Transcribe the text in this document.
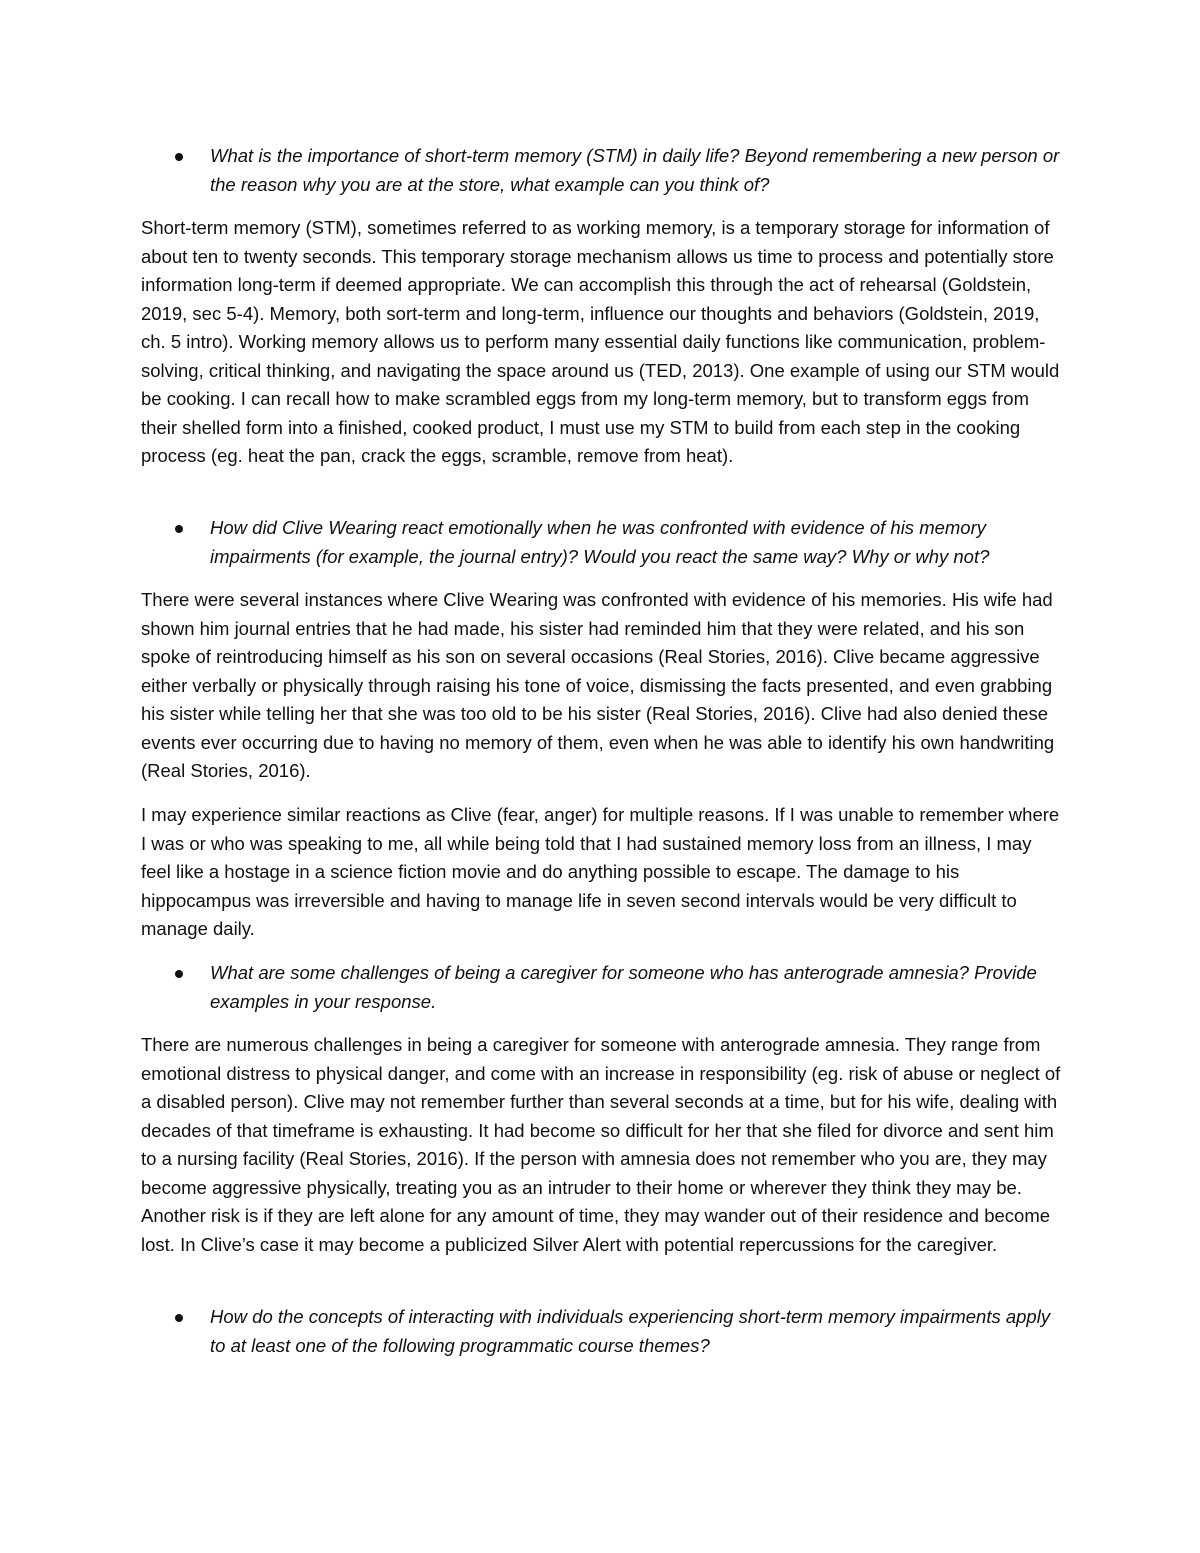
What is the importance of short-term memory (STM) in daily life? Beyond remembering a new person or the reason why you are at the store, what example can you think of?

Short-term memory (STM), sometimes referred to as working memory, is a temporary storage for information of about ten to twenty seconds. This temporary storage mechanism allows us time to process and potentially store information long-term if deemed appropriate. We can accomplish this through the act of rehearsal (Goldstein, 2019, sec 5-4). Memory, both sort-term and long-term, influence our thoughts and behaviors (Goldstein, 2019, ch. 5 intro). Working memory allows us to perform many essential daily functions like communication, problem-solving, critical thinking, and navigating the space around us (TED, 2013). One example of using our STM would be cooking. I can recall how to make scrambled eggs from my long-term memory, but to transform eggs from their shelled form into a finished, cooked product, I must use my STM to build from each step in the cooking process (eg. heat the pan, crack the eggs, scramble, remove from heat).

How did Clive Wearing react emotionally when he was confronted with evidence of his memory impairments (for example, the journal entry)? Would you react the same way? Why or why not?

There were several instances where Clive Wearing was confronted with evidence of his memories. His wife had shown him journal entries that he had made, his sister had reminded him that they were related, and his son spoke of reintroducing himself as his son on several occasions (Real Stories, 2016). Clive became aggressive either verbally or physically through raising his tone of voice, dismissing the facts presented, and even grabbing his sister while telling her that she was too old to be his sister (Real Stories, 2016). Clive had also denied these events ever occurring due to having no memory of them, even when he was able to identify his own handwriting (Real Stories, 2016).

I may experience similar reactions as Clive (fear, anger) for multiple reasons. If I was unable to remember where I was or who was speaking to me, all while being told that I had sustained memory loss from an illness, I may feel like a hostage in a science fiction movie and do anything possible to escape. The damage to his hippocampus was irreversible and having to manage life in seven second intervals would be very difficult to manage daily.

What are some challenges of being a caregiver for someone who has anterograde amnesia? Provide examples in your response.

There are numerous challenges in being a caregiver for someone with anterograde amnesia. They range from emotional distress to physical danger, and come with an increase in responsibility (eg. risk of abuse or neglect of a disabled person). Clive may not remember further than several seconds at a time, but for his wife, dealing with decades of that timeframe is exhausting. It had become so difficult for her that she filed for divorce and sent him to a nursing facility (Real Stories, 2016). If the person with amnesia does not remember who you are, they may become aggressive physically, treating you as an intruder to their home or wherever they think they may be. Another risk is if they are left alone for any amount of time, they may wander out of their residence and become lost. In Clive’s case it may become a publicized Silver Alert with potential repercussions for the caregiver.

How do the concepts of interacting with individuals experiencing short-term memory impairments apply to at least one of the following programmatic course themes?
